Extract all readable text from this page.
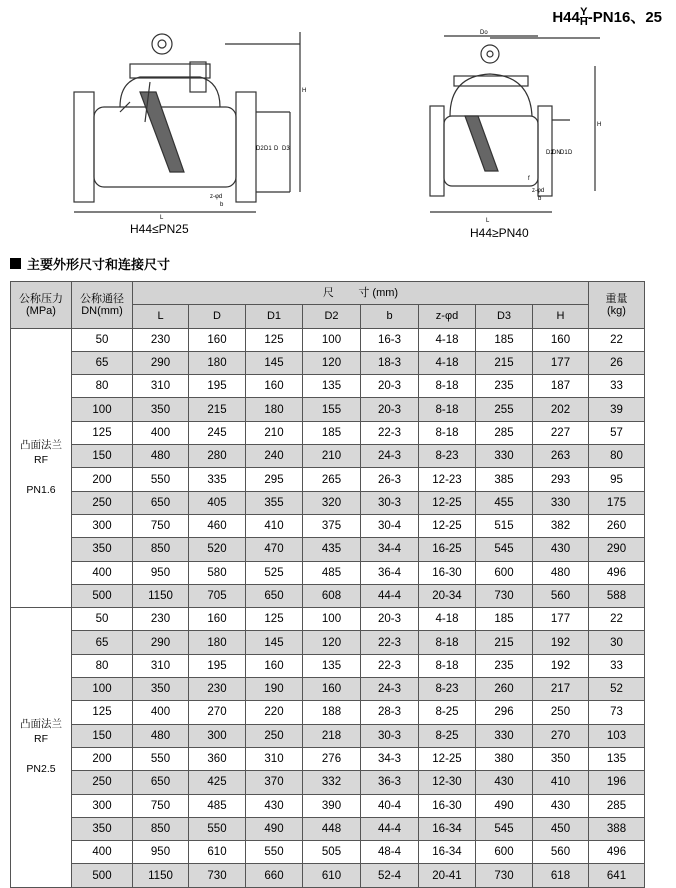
$H44 \frac{Y}{H} -PN16$、25
H
L
D
D1
D2	D3
b
z-φd
H44≤PN25
Do
H
L
D
D1
DN
D2
b
f
z-φd
H44≥PN40
主要外形尺寸和连接尺寸
公称压力
(MPa)	公称通径
DN(mm)	尺        寸 (mm)								重量
(kg)
		L	D	D1	D2	b	z-φd	D3	H	
凸面法兰
RF

PN1.6	50	230	160	125	100	16-3	4-18	185	160	22
	65	290	180	145	120	18-3	4-18	215	177	26
	80	310	195	160	135	20-3	8-18	235	187	33
	100	350	215	180	155	20-3	8-18	255	202	39
	125	400	245	210	185	22-3	8-18	285	227	57
	150	480	280	240	210	24-3	8-23	330	263	80
	200	550	335	295	265	26-3	12-23	385	293	95
	250	650	405	355	320	30-3	12-25	455	330	175
	300	750	460	410	375	30-4	12-25	515	382	260
	350	850	520	470	435	34-4	16-25	545	430	290
	400	950	580	525	485	36-4	16-30	600	480	496
	500	1150	705	650	608	44-4	20-34	730	560	588
凸面法兰
RF

PN2.5	50	230	160	125	100	20-3	4-18	185	177	22
	65	290	180	145	120	22-3	8-18	215	192	30
	80	310	195	160	135	22-3	8-18	235	192	33
	100	350	230	190	160	24-3	8-23	260	217	52
	125	400	270	220	188	28-3	8-25	296	250	73
	150	480	300	250	218	30-3	8-25	330	270	103
	200	550	360	310	276	34-3	12-25	380	350	135
	250	650	425	370	332	36-3	12-30	430	410	196
	300	750	485	430	390	40-4	16-30	490	430	285
	350	850	550	490	448	44-4	16-34	545	450	388
	400	950	610	550	505	48-4	16-34	600	560	496
	500	1150	730	660	610	52-4	20-41	730	618	641
